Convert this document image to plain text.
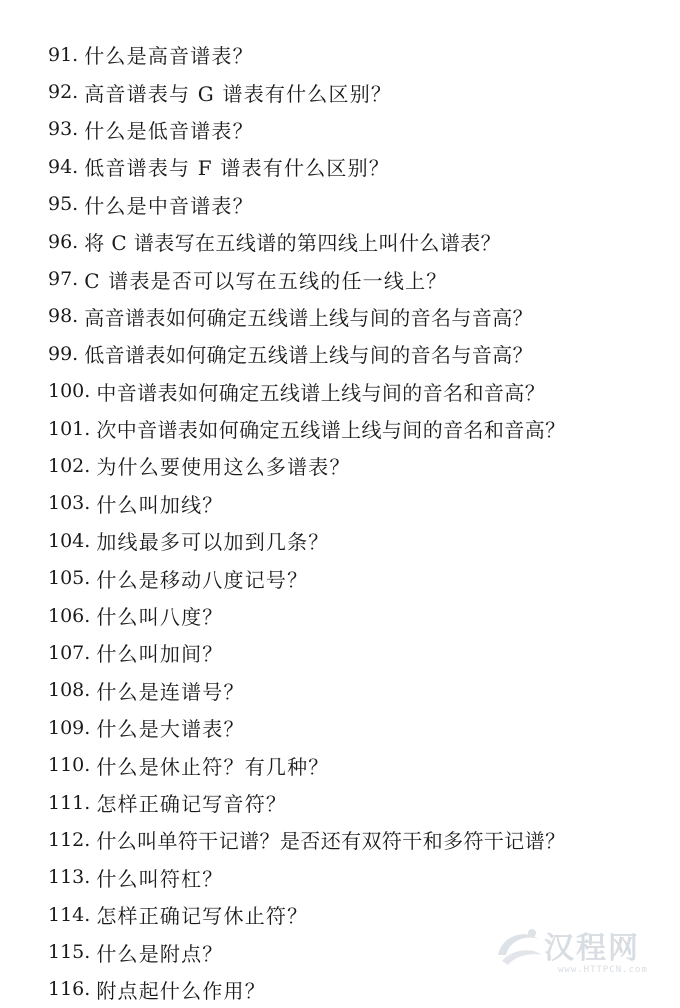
91. 什么是高音谱表？
92. 高音谱表与 G 谱表有什么区别？
93. 什么是低音谱表？
94. 低音谱表与 F 谱表有什么区别？
95. 什么是中音谱表？
96. 将 C 谱表写在五线谱的第四线上叫什么谱表？
97. C 谱表是否可以写在五线的任一线上？
98. 高音谱表如何确定五线谱上线与间的音名与音高？
99. 低音谱表如何确定五线谱上线与间的音名与音高？
100. 中音谱表如何确定五线谱上线与间的音名和音高？
101. 次中音谱表如何确定五线谱上线与间的音名和音高？
102. 为什么要使用这么多谱表？
103. 什么叫加线？
104. 加线最多可以加到几条？
105. 什么是移动八度记号？
106. 什么叫八度？
107. 什么叫加间？
108. 什么是连谱号？
109. 什么是大谱表？
110. 什么是休止符？有几种？
111. 怎样正确记写音符？
112. 什么叫单符干记谱？是否还有双符干和多符干记谱？
113. 什么叫符杠？
114. 怎样正确记写休止符？
115. 什么是附点？
116. 附点起什么作用？
汉程网
www.HTTPCN.com
